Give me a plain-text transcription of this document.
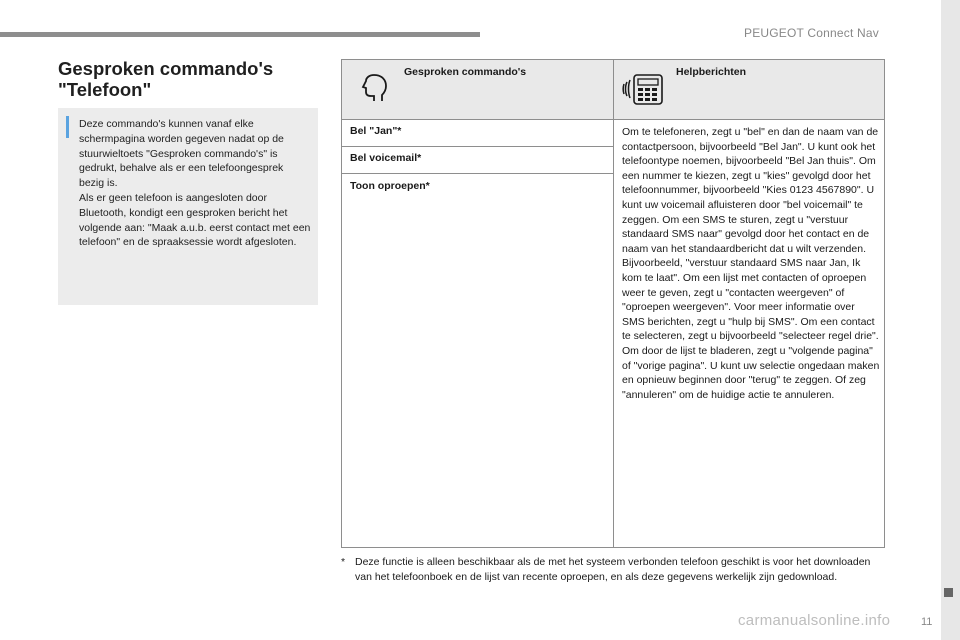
PEUGEOT Connect Nav
Gesproken commando's "Telefoon"

Deze commando's kunnen vanaf elke schermpagina worden gegeven nadat op de stuurwieltoets "Gesproken commando's" is gedrukt, behalve als er een telefoongesprek bezig is.

Als er geen telefoon is aangesloten door Bluetooth, kondigt een gesproken bericht het volgende aan: "Maak a.u.b. eerst contact met een telefoon" en de spraaksessie wordt afgesloten.

Gesproken commando's	Helpberichten
Bel "Jan"*
Bel voicemail*
Toon oproepen*
Om te telefoneren, zegt u "bel" en dan de naam van de contactpersoon, bijvoorbeeld "Bel Jan". U kunt ook het telefoontype noemen, bijvoorbeeld "Bel Jan thuis". Om een nummer te kiezen, zegt u "kies" gevolgd door het telefoonnummer, bijvoorbeeld "Kies 0123 4567890". U kunt uw voicemail afluisteren door "bel voicemail" te zeggen. Om een SMS te sturen, zegt u "verstuur standaard SMS naar" gevolgd door het contact en de naam van het standaardbericht dat u wilt verzenden. Bijvoorbeeld, "verstuur standaard SMS naar Jan, Ik kom te laat". Om een lijst met contacten of oproepen weer te geven, zegt u "contacten weergeven" of "oproepen weergeven". Voor meer informatie over SMS berichten, zegt u "hulp bij SMS". Om een contact te selecteren, zegt u bijvoorbeeld "selecteer regel drie". Om door de lijst te bladeren, zegt u "volgende pagina" of "vorige pagina". U kunt uw selectie ongedaan maken en opnieuw beginnen door "terug" te zeggen. Of zeg "annuleren" om de huidige actie te annuleren.
* Deze functie is alleen beschikbaar als de met het systeem verbonden telefoon geschikt is voor het downloaden van het telefoonboek en de lijst van recente oproepen, en als deze gegevens werkelijk zijn gedownload.
11
carmanualsonline.info
